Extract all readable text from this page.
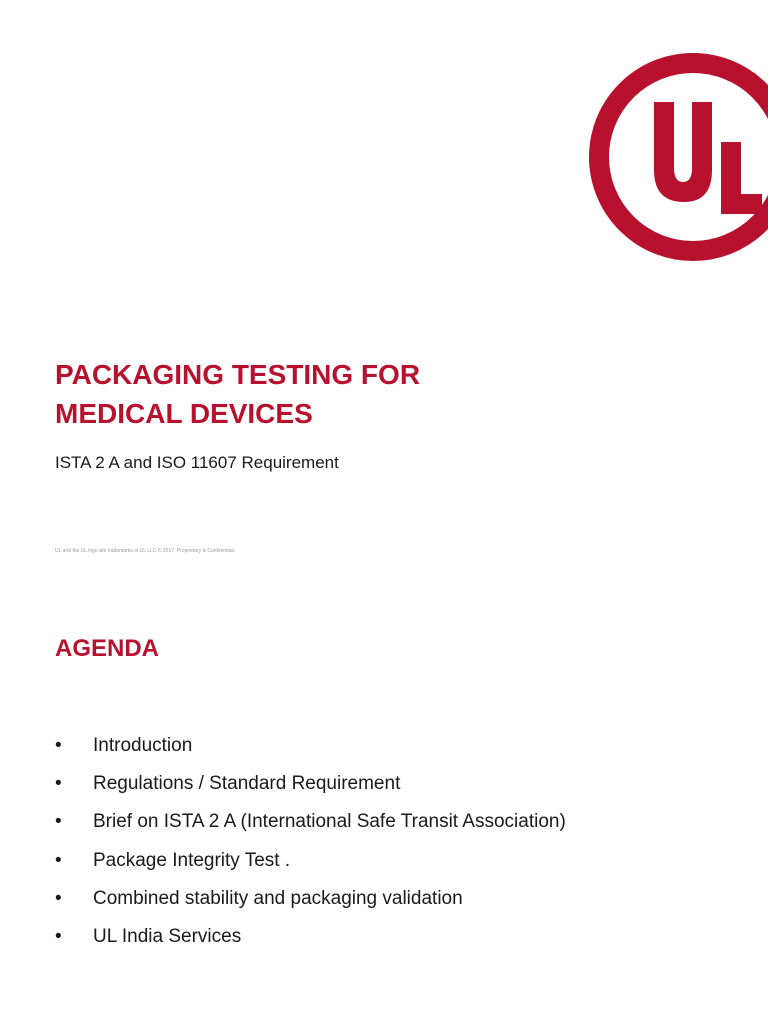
PACKAGING TESTING FOR
MEDICAL DEVICES
ISTA 2 A and ISO 11607 Requirement
UL and the UL logo are trademarks of UL LLC © 2017. Proprietary & Confidential.
AGENDA
• Introduction
• Regulations / Standard Requirement
• Brief on ISTA 2 A (International Safe Transit Association)
• Package Integrity Test .
• Combined stability and packaging validation
• UL India Services
